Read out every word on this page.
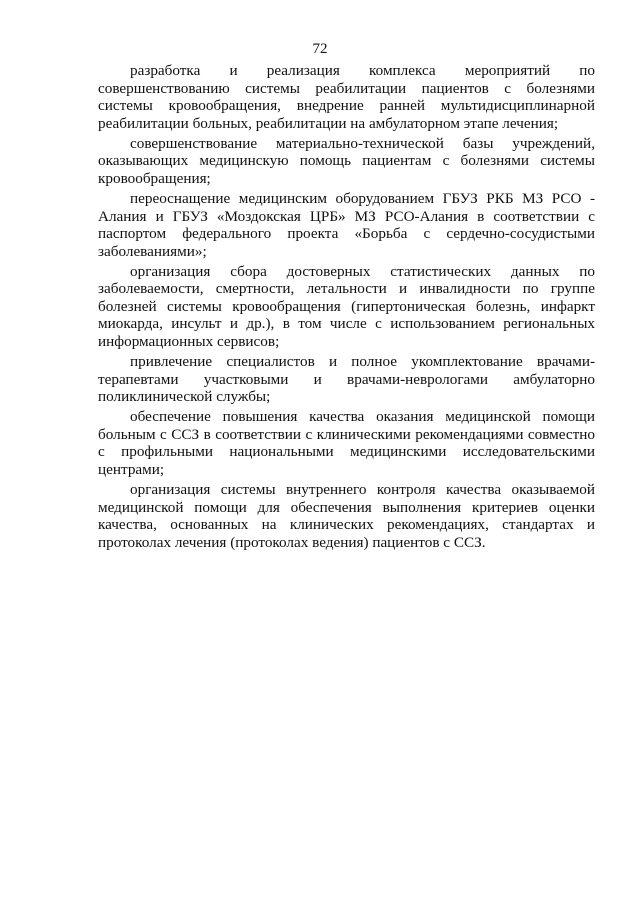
72

разработка и реализация комплекса мероприятий по совершенствованию системы реабилитации пациентов с болезнями системы кровообращения, внедрение ранней мультидисциплинарной реабилитации больных, реабилитации на амбулаторном этапе лечения;

совершенствование материально-технической базы учреждений, оказывающих медицинскую помощь пациентам с болезнями системы кровообращения;

переоснащение медицинским оборудованием ГБУЗ РКБ МЗ РСО - Алания и ГБУЗ «Моздокская ЦРБ» МЗ РСО-Алания в соответствии с паспортом федерального проекта «Борьба с сердечно-сосудистыми заболеваниями»;

организация сбора достоверных статистических данных по заболеваемости, смертности, летальности и инвалидности по группе болезней системы кровообращения (гипертоническая болезнь, инфаркт миокарда, инсульт и др.), в том числе с использованием региональных информационных сервисов;

привлечение специалистов и полное укомплектование врачами-терапевтами участковыми и врачами-неврологами амбулаторно поликлинической службы;

обеспечение повышения качества оказания медицинской помощи больным с ССЗ в соответствии с клиническими рекомендациями совместно с профильными национальными медицинскими исследовательскими центрами;

организация системы внутреннего контроля качества оказываемой медицинской помощи для обеспечения выполнения критериев оценки качества, основанных на клинических рекомендациях, стандартах и протоколах лечения (протоколах ведения) пациентов с ССЗ.
